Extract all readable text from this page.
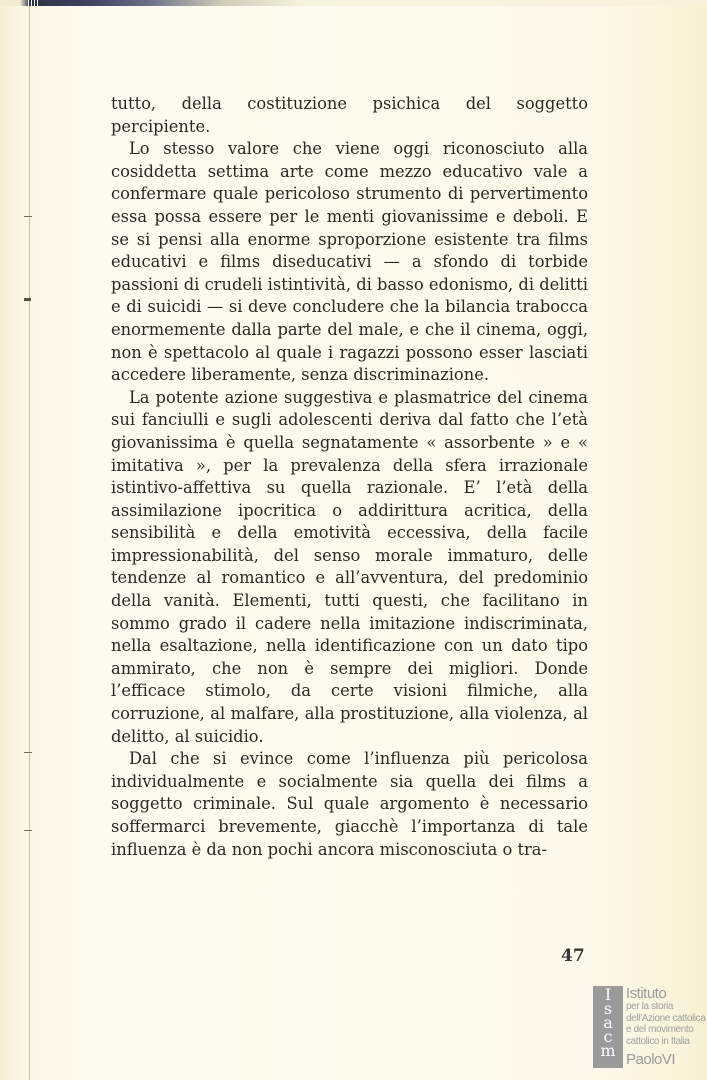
tutto, della costituzione psichica del soggetto percipiente.

Lo stesso valore che viene oggi riconosciuto alla cosiddetta settima arte come mezzo educativo vale a confermare quale pericoloso strumento di pervertimento essa possa essere per le menti giovanissime e deboli. E se si pensi alla enorme sproporzione esistente tra films educativi e films diseducativi — a sfondo di torbide passioni di crudeli istintività, di basso edonismo, di delitti e di suicidi — si deve concludere che la bilancia trabocca enormemente dalla parte del male, e che il cinema, oggi, non è spettacolo al quale i ragazzi possono esser lasciati accedere liberamente, senza discriminazione.

La potente azione suggestiva e plasmatrice del cinema sui fanciulli e sugli adolescenti deriva dal fatto che l’età giovanissima è quella segnatamente « assorbente » e « imitativa », per la prevalenza della sfera irrazionale istintivo-affettiva su quella razionale. E’ l’età della assimilazione ipocritica o addirittura acritica, della sensibilità e della emotività eccessiva, della facile impressionabilità, del senso morale immaturo, delle tendenze al romantico e all’avventura, del predominio della vanità. Elementi, tutti questi, che facilitano in sommo grado il cadere nella imitazione indiscriminata, nella esaltazione, nella identificazione con un dato tipo ammirato, che non è sempre dei migliori. Donde l’efficace stimolo, da certe visioni filmiche, alla corruzione, al malfare, alla prostituzione, alla violenza, al delitto, al suicidio.

Dal che si evince come l’influenza più pericolosa individualmente e socialmente sia quella dei films a soggetto criminale. Sul quale argomento è necessario soffermarci brevemente, giacchè l’importanza di tale influenza è da non pochi ancora misconosciuta o tra-

47
I
s
a
c
m
Istituto
per la storia
dell’Azione cattolica
e del movimento
cattolico in Italia
PaoloVI
